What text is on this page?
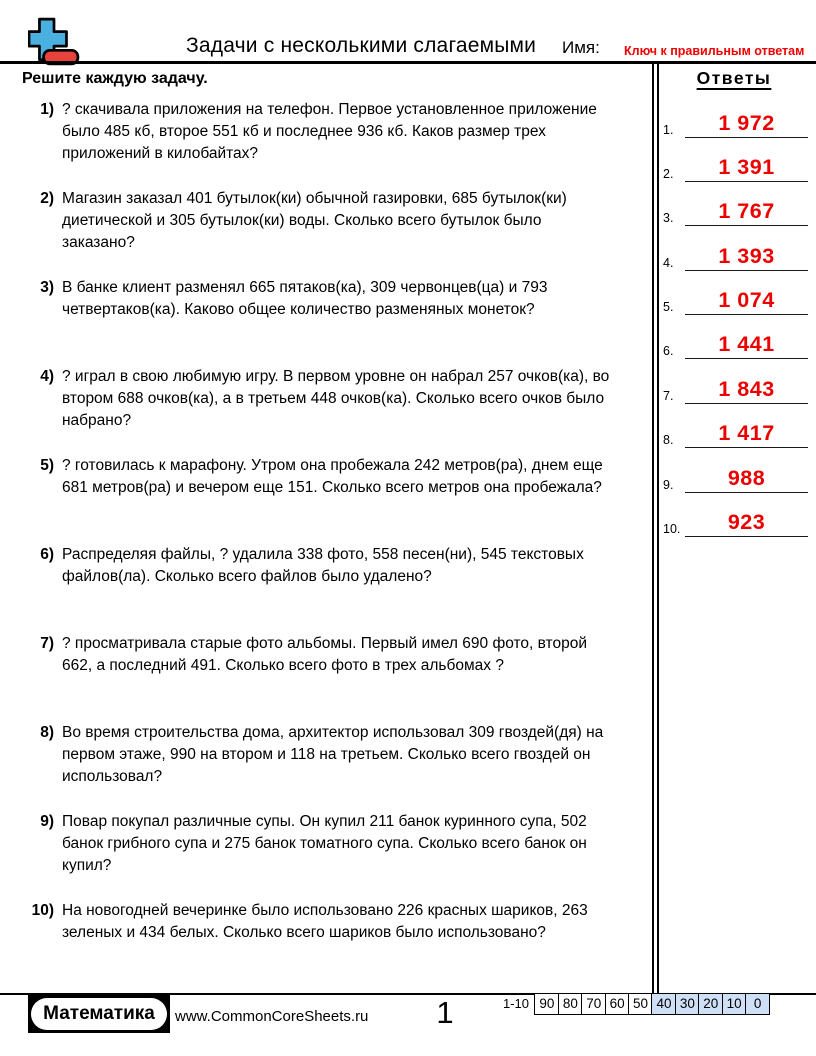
Задачи с несколькими слагаемыми Имя: Ключ к правильным ответам
Решите каждую задачу.
1) ? скачивала приложения на телефон. Первое установленное приложение было 485 кб, второе 551 кб и последнее 936 кб. Каков размер трех приложений в килобайтах?
2) Магазин заказал 401 бутылок(ки) обычной газировки, 685 бутылок(ки) диетической и 305 бутылок(ки) воды. Сколько всего бутылок было заказано?
3) В банке клиент разменял 665 пятаков(ка), 309 червонцев(ца) и 793 четвертаков(ка). Каково общее количество разменяных монеток?
4) ? играл в свою любимую игру. В первом уровне он набрал 257 очков(ка), во втором 688 очков(ка), а в третьем 448 очков(ка). Сколько всего очков было набрано?
5) ? готовилась к марафону. Утром она пробежала 242 метров(ра), днем еще 681 метров(ра) и вечером еще 151. Сколько всего метров она пробежала?
6) Распределяя файлы, ? удалила 338 фото, 558 песен(ни), 545 текстовых файлов(ла). Сколько всего файлов было удалено?
7) ? просматривала старые фото альбомы. Первый имел 690 фото, второй 662, а последний 491. Сколько всего фото в трех альбомах ?
8) Во время строительства дома, архитектор использовал 309 гвоздей(дя) на первом этаже, 990 на втором и 118 на третьем. Сколько всего гвоздей он использовал?
9) Повар покупал различные супы. Он купил 211 банок куринного супа, 502 банок грибного супа и 275 банок томатного супа. Сколько всего банок он купил?
10) На новогодней вечеринке было использовано 226 красных шариков, 263 зеленых и 434 белых. Сколько всего шариков было использовано?
Ответы
1.	1 972
2.	1 391
3.	1 767
4.	1 393
5.	1 074
6.	1 441
7.	1 843
8.	1 417
9.	988
10.	923
Математика	www.CommonCoreSheets.ru	1	1-10 90 80 70 60 50 40 30 20 10 0
